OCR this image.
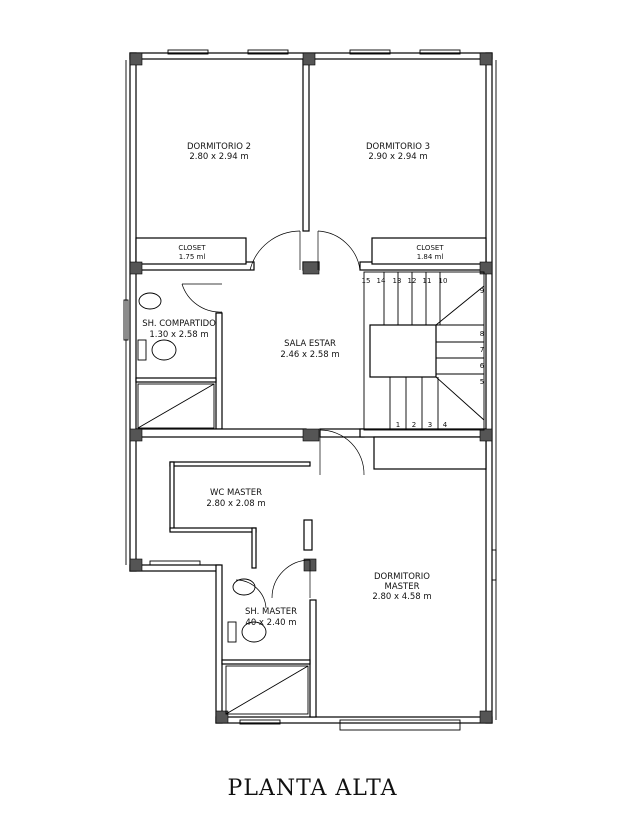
15 14 13 12 11 10
9
8
7
6
5
1 2 3 4
DORMITORIO 2
2.80 x 2.94 m
DORMITORIO 3
2.90 x 2.94 m
CLOSET
1.75 ml
CLOSET
1.84 ml
SH. COMPARTIDO
1.30 x 2.58 m
SALA ESTAR
2.46 x 2.58 m
WC MASTER
2.80 x 2.08 m
DORMITORIO
MASTER
2.80 x 4.58 m
SH. MASTER
40 x 2.40 m
PLANTA ALTA
